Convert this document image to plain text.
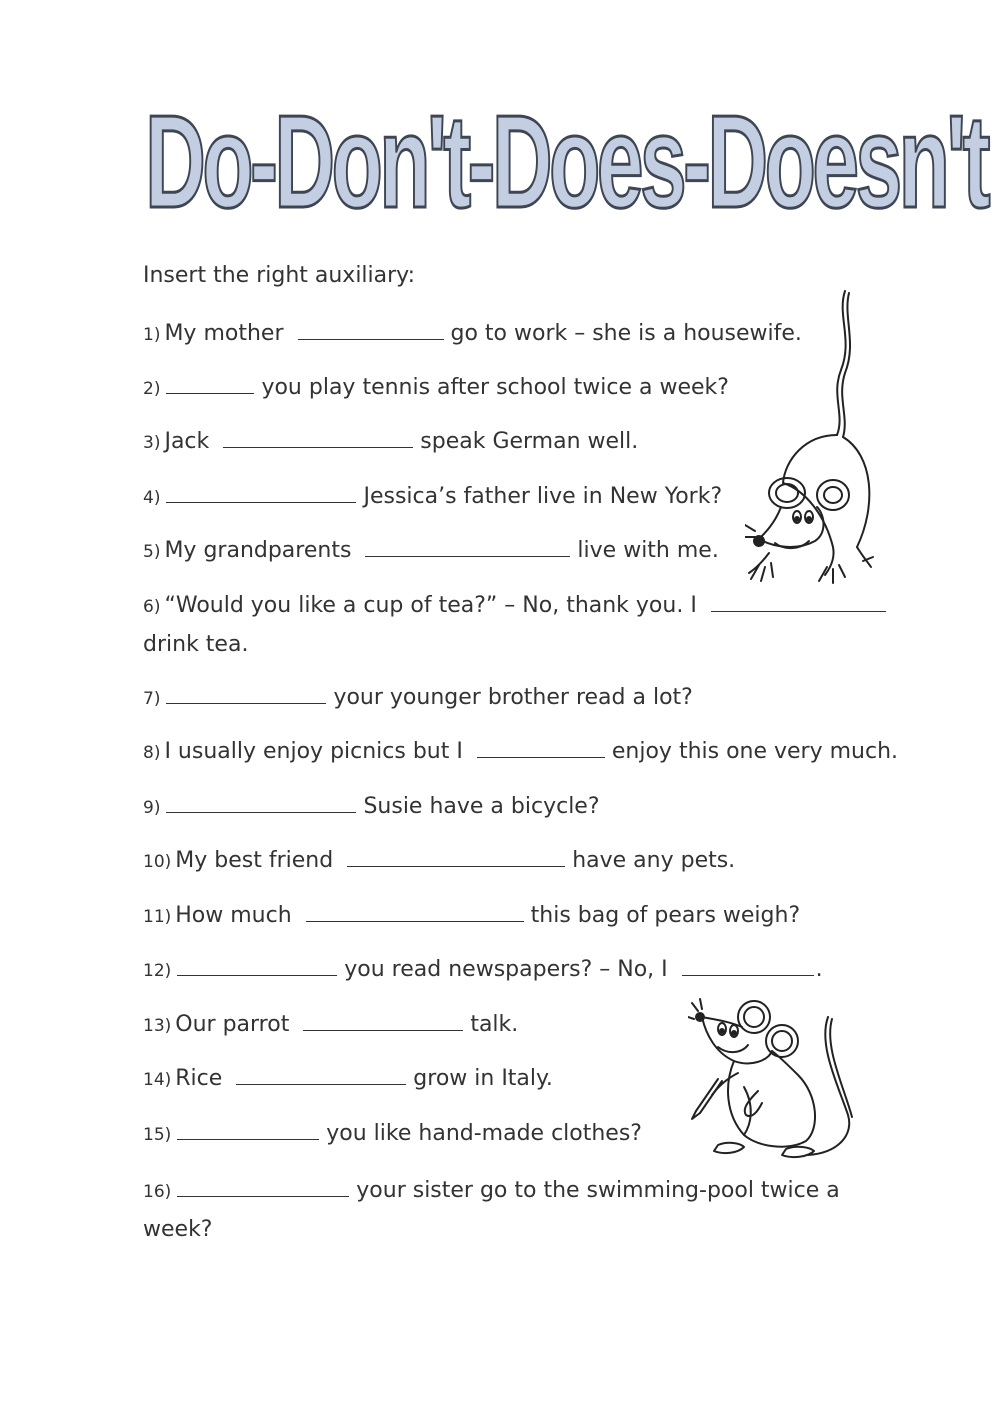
Do-Don't-Does-Doesn't
Insert the right auxiliary:
1) My mother	go to work – she is a housewife.
2)	you play tennis after school twice a week?
3) Jack	speak German well.
4)	Jessica’s father live in New York?
5) My grandparents	live with me.
6) “Would you like a cup of tea?” – No, thank you. I
drink tea.
7)	your younger brother read a lot?
8) I usually enjoy picnics but I	enjoy this one very much.
9)	Susie have a bicycle?
10) My best friend	have any pets.
11) How much	this bag of pears weigh?
12)	you read newspapers? – No, I	.
13) Our parrot	talk.
14) Rice	grow in Italy.
15)	you like hand-made clothes?
16)	your sister go to the swimming-pool twice a
week?
